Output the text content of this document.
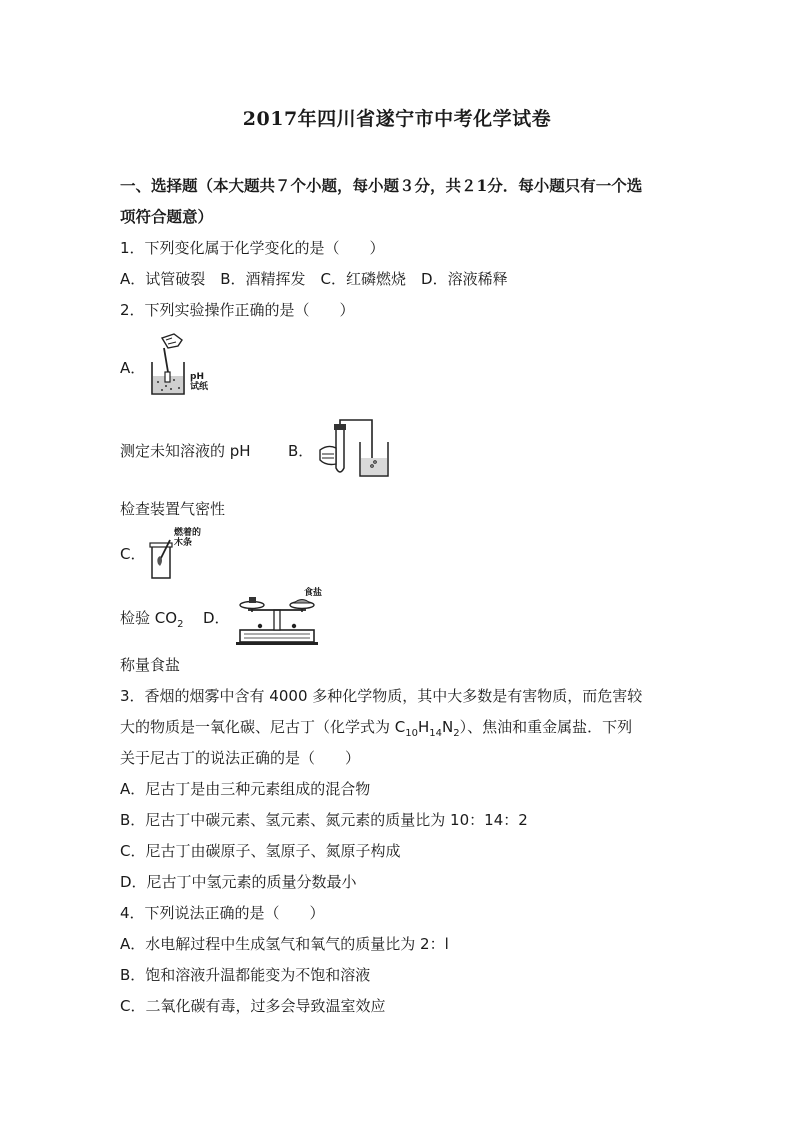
2017年四川省遂宁市中考化学试卷
一、选择题（本大题共７个小题，每小题３分，共２1分．每小题只有一个选
项符合题意）
1．下列变化属于化学变化的是（　　）
A．试管破裂　B．酒精挥发　C．红磷燃烧　D．溶液稀释
2．下列实验操作正确的是（　　）
A．	pH
试纸
测定未知溶液的 pH B．
检查装置气密性
C．
燃着的
木条
检验 $CO_2$ D．
食盐
称量食盐
3．香烟的烟雾中含有 4000 多种化学物质，其中大多数是有害物质，而危害较
大的物质是一氧化碳、尼古丁（化学式为 $C_{10}H_{14}N_2$）、焦油和重金属盐．下列
关于尼古丁的说法正确的是（　　）
A．尼古丁是由三种元素组成的混合物
B．尼古丁中碳元素、氢元素、氮元素的质量比为 10：14：2
C．尼古丁由碳原子、氢原子、氮原子构成
D．尼古丁中氢元素的质量分数最小
4．下列说法正确的是（　　）
A．水电解过程中生成氢气和氧气的质量比为 2：l
B．饱和溶液升温都能变为不饱和溶液
C．二氧化碳有毒，过多会导致温室效应
